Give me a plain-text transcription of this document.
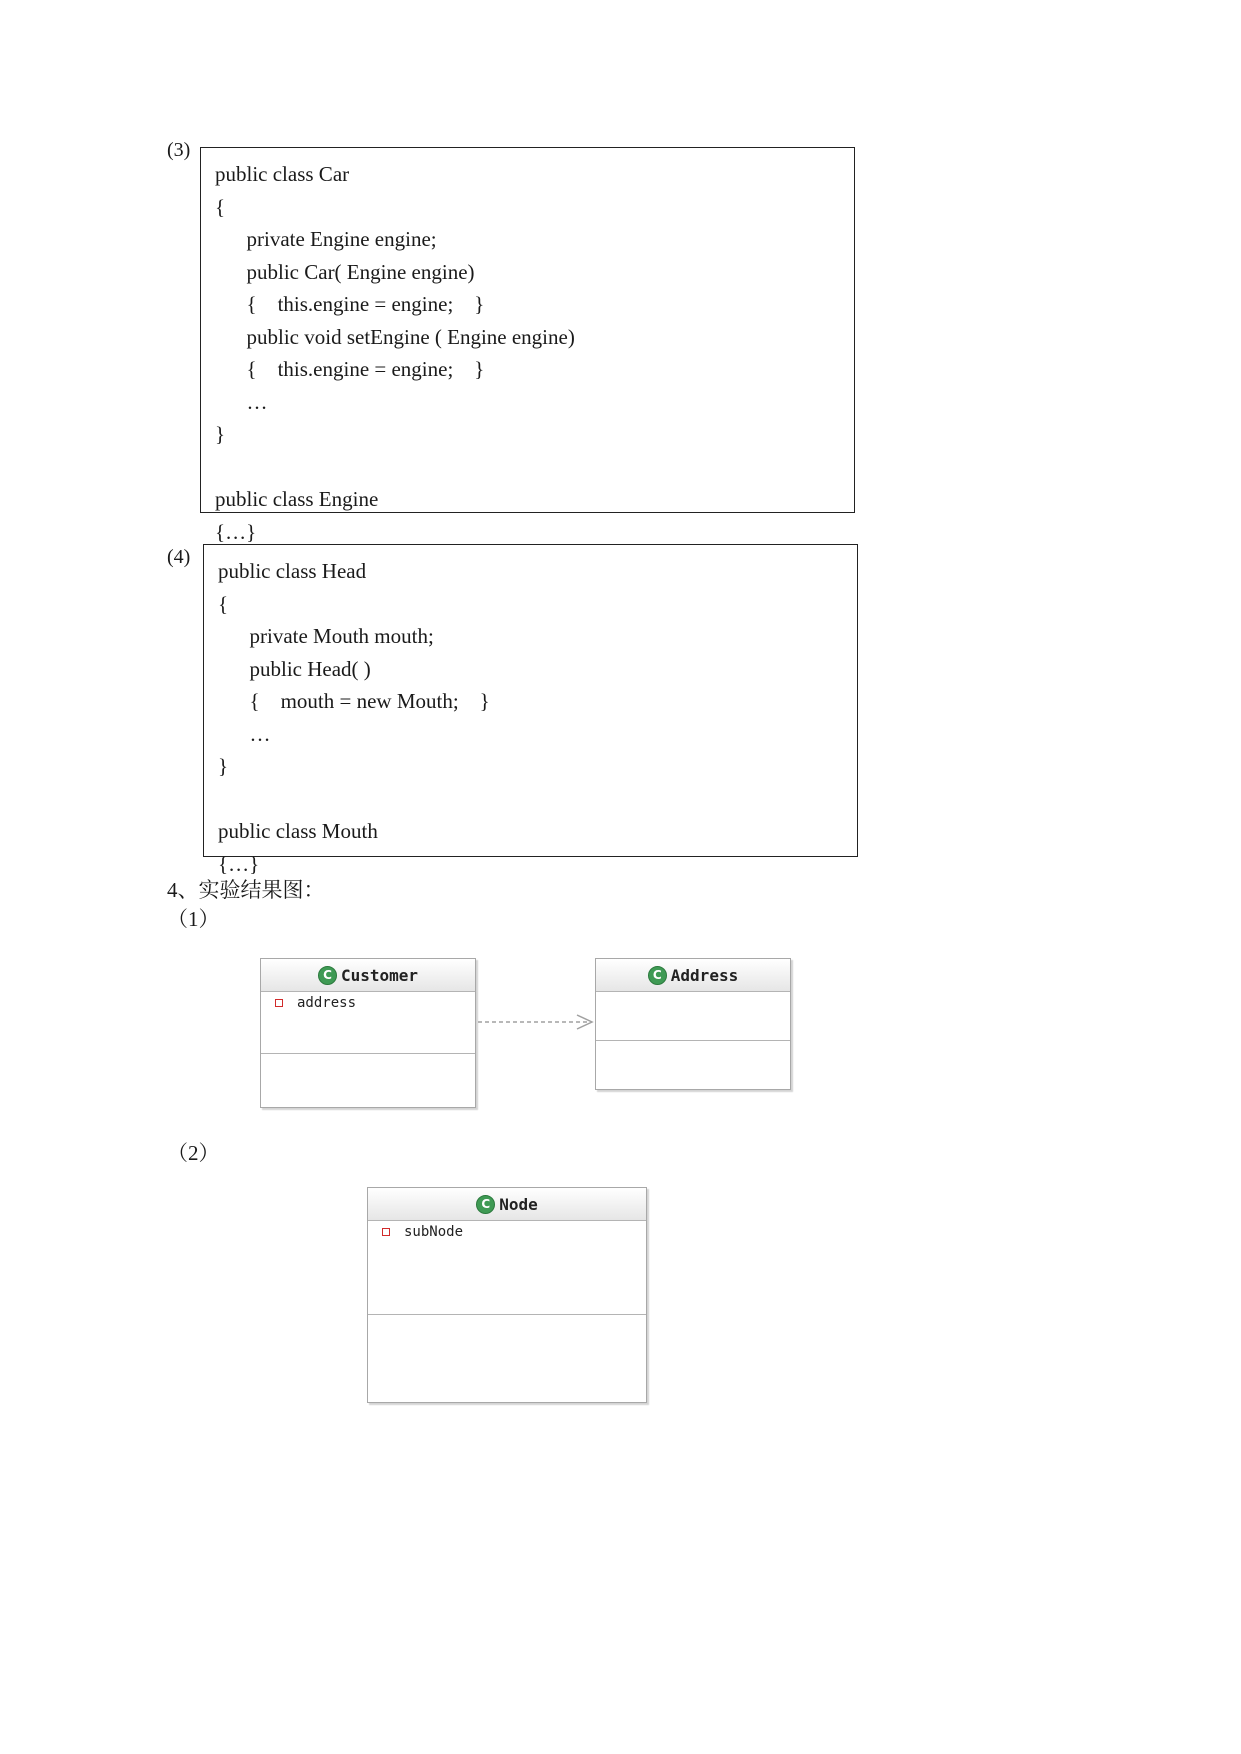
(3)
public class Car
{
private Engine engine;
public Car( Engine engine)
{    this.engine = engine;    }
public void setEngine ( Engine engine)
{    this.engine = engine;    }
…
}
public class Engine
{…}
(4)
public class Head
{
private Mouth mouth;
public Head( )
{    mouth = new Mouth;    }
…
}
public class Mouth
{…}
4、实验结果图：
（1）
C Customer
address
C Address
（2）
C Node
subNode
